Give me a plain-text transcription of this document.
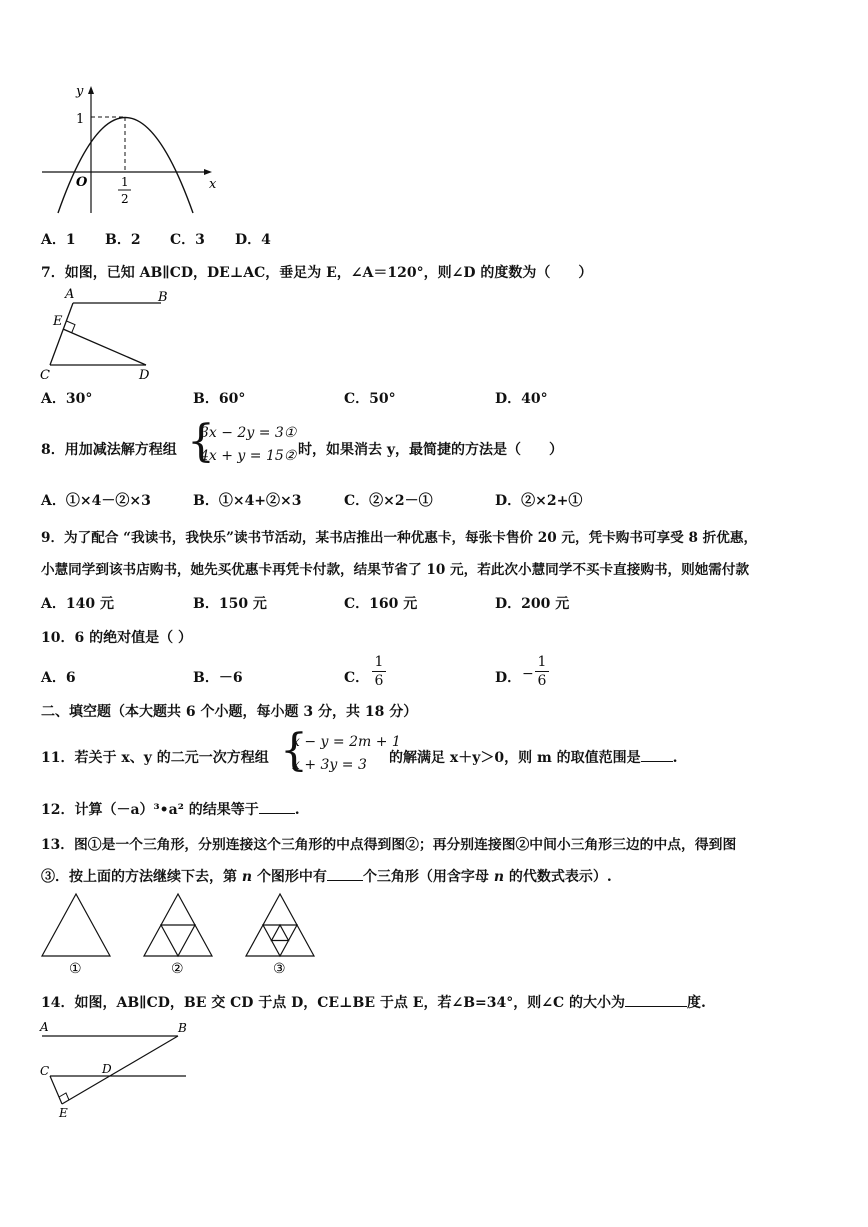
y
1
O	x
1
2
A．1 B．2 C．3 D．4
7．如图，已知 AB∥CD，DE⊥AC，垂足为 E，∠A＝120°，则∠D 的度数为（　　）
A	B
E
C	D
A．30°	B．60°	C．50°	D．40°
8．用加减法解方程组 {
3x − 2y = 3①
4x + y = 15② 时，如果消去 y，最简捷的方法是（　　）
A．①×4－②×3	B．①×4+②×3	C．②×2－①	D．②×2+①
9．为了配合 “我读书，我快乐”读书节活动，某书店推出一种优惠卡，每张卡售价 20 元，凭卡购书可享受 8 折优惠，
小慧同学到该书店购书，她先买优惠卡再凭卡付款，结果节省了 10 元，若此次小慧同学不买卡直接购书，则她需付款
A．140 元	B．150 元	C．160 元	D．200 元
10．6 的绝对值是（ ）
A．6	B．－6	C．
1
6	D． −
1
6
二、填空题（本大题共 6 个小题，每小题 3 分，共 18 分）
11．若关于 x、y 的二元一次方程组 {
x − y = 2m + 1
x + 3y = 3	的解满足 x＋y＞0，则 m 的取值范围是 .
12．计算（－a）³•a² 的结果等于	.
13．图①是一个三角形，分别连接这个三角形的中点得到图②；再分别连接图②中间小三角形三边的中点，得到图
③．按上面的方法继续下去，第 n 个图形中有	个三角形（用含字母 n 的代数式表示）.
①	②	③
14．如图，AB∥CD，BE 交 CD 于点 D，CE⊥BE 于点 E，若∠B=34°，则∠C 的大小为	度.
A	B
C	D
E
